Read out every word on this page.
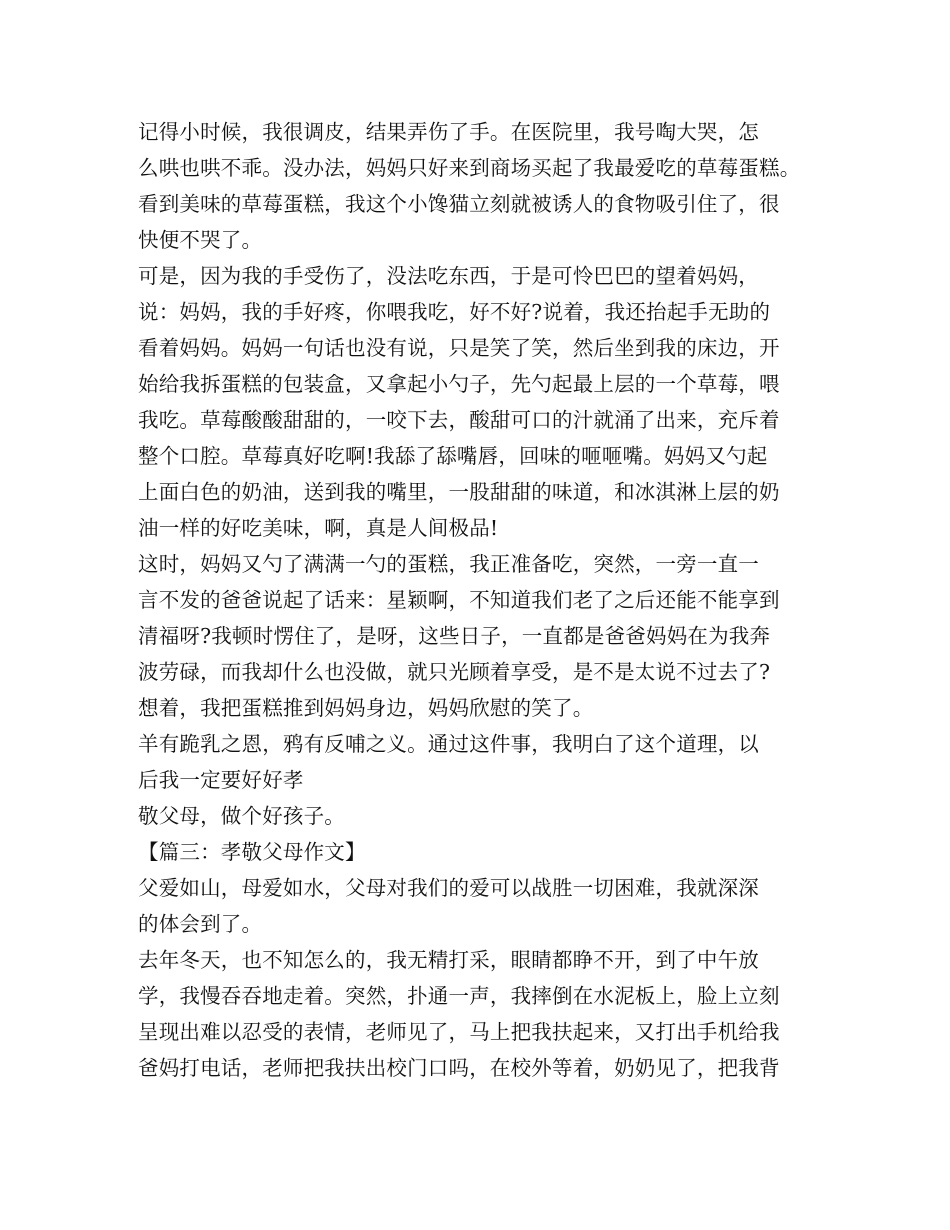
记得小时候，我很调皮，结果弄伤了手。在医院里，我号啕大哭，怎
么哄也哄不乖。没办法，妈妈只好来到商场买起了我最爱吃的草莓蛋糕。
看到美味的草莓蛋糕，我这个小馋猫立刻就被诱人的食物吸引住了，很
快便不哭了。
可是，因为我的手受伤了，没法吃东西，于是可怜巴巴的望着妈妈，
说：妈妈，我的手好疼，你喂我吃，好不好?说着，我还抬起手无助的
看着妈妈。妈妈一句话也没有说，只是笑了笑，然后坐到我的床边，开
始给我拆蛋糕的包装盒，又拿起小勺子，先勺起最上层的一个草莓，喂
我吃。草莓酸酸甜甜的，一咬下去，酸甜可口的汁就涌了出来，充斥着
整个口腔。草莓真好吃啊!我舔了舔嘴唇，回味的咂咂嘴。妈妈又勺起
上面白色的奶油，送到我的嘴里，一股甜甜的味道，和冰淇淋上层的奶
油一样的好吃美味，啊，真是人间极品!
这时，妈妈又勺了满满一勺的蛋糕，我正准备吃，突然，一旁一直一
言不发的爸爸说起了话来：星颖啊，不知道我们老了之后还能不能享到
清福呀?我顿时愣住了，是呀，这些日子，一直都是爸爸妈妈在为我奔
波劳碌，而我却什么也没做，就只光顾着享受，是不是太说不过去了?
想着，我把蛋糕推到妈妈身边，妈妈欣慰的笑了。
羊有跪乳之恩，鸦有反哺之义。通过这件事，我明白了这个道理，以
后我一定要好好孝
敬父母，做个好孩子。
【篇三：孝敬父母作文】
父爱如山，母爱如水，父母对我们的爱可以战胜一切困难，我就深深
的体会到了。
去年冬天，也不知怎么的，我无精打采，眼睛都睁不开，到了中午放
学，我慢吞吞地走着。突然，扑通一声，我摔倒在水泥板上，脸上立刻
呈现出难以忍受的表情，老师见了，马上把我扶起来，又打出手机给我
爸妈打电话，老师把我扶出校门口吗，在校外等着，奶奶见了，把我背
